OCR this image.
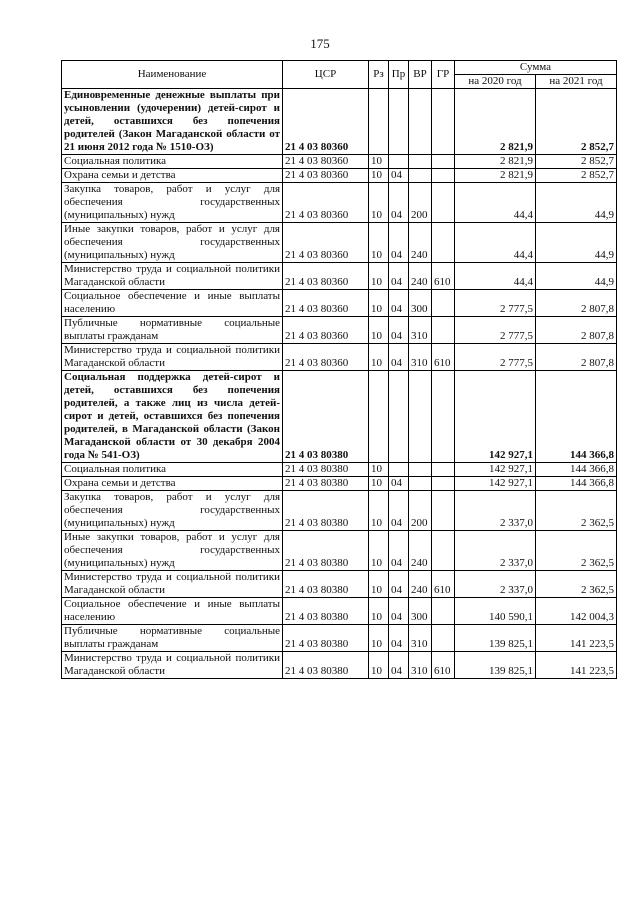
175
Наименование	ЦСР	Рз	Пр	ВР	ГР	Сумма	
						на 2020 год	на 2021 год
Единовременные денежные выплаты при усыновлении (удочерении) детей-сирот и детей, оставшихся без попечения родителей (Закон Магаданской области от 21 июня 2012 года № 1510-ОЗ)	21 4 03 80360					2 821,9	2 852,7
Социальная политика	21 4 03 80360	10				2 821,9	2 852,7
Охрана семьи и детства	21 4 03 80360	10	04			2 821,9	2 852,7
Закупка товаров, работ и услуг для обеспечения государственных (муниципальных) нужд	21 4 03 80360	10	04	200		44,4	44,9
Иные закупки товаров, работ и услуг для обеспечения государственных (муниципальных) нужд	21 4 03 80360	10	04	240		44,4	44,9
Министерство труда и социальной политики Магаданской области	21 4 03 80360	10	04	240	610	44,4	44,9
Социальное обеспечение и иные выплаты населению	21 4 03 80360	10	04	300		2 777,5	2 807,8
Публичные нормативные социальные выплаты гражданам	21 4 03 80360	10	04	310		2 777,5	2 807,8
Министерство труда и социальной политики Магаданской области	21 4 03 80360	10	04	310	610	2 777,5	2 807,8
Социальная поддержка детей-сирот и детей, оставшихся без попечения родителей, а также лиц из числа детей-сирот и детей, оставшихся без попечения родителей, в Магаданской области (Закон Магаданской области от 30 декабря 2004 года № 541-ОЗ)	21 4 03 80380					142 927,1	144 366,8
Социальная политика	21 4 03 80380	10				142 927,1	144 366,8
Охрана семьи и детства	21 4 03 80380	10	04			142 927,1	144 366,8
Закупка товаров, работ и услуг для обеспечения государственных (муниципальных) нужд	21 4 03 80380	10	04	200		2 337,0	2 362,5
Иные закупки товаров, работ и услуг для обеспечения государственных (муниципальных) нужд	21 4 03 80380	10	04	240		2 337,0	2 362,5
Министерство труда и социальной политики Магаданской области	21 4 03 80380	10	04	240	610	2 337,0	2 362,5
Социальное обеспечение и иные выплаты населению	21 4 03 80380	10	04	300		140 590,1	142 004,3
Публичные нормативные социальные выплаты гражданам	21 4 03 80380	10	04	310		139 825,1	141 223,5
Министерство труда и социальной политики Магаданской области	21 4 03 80380	10	04	310	610	139 825,1	141 223,5
